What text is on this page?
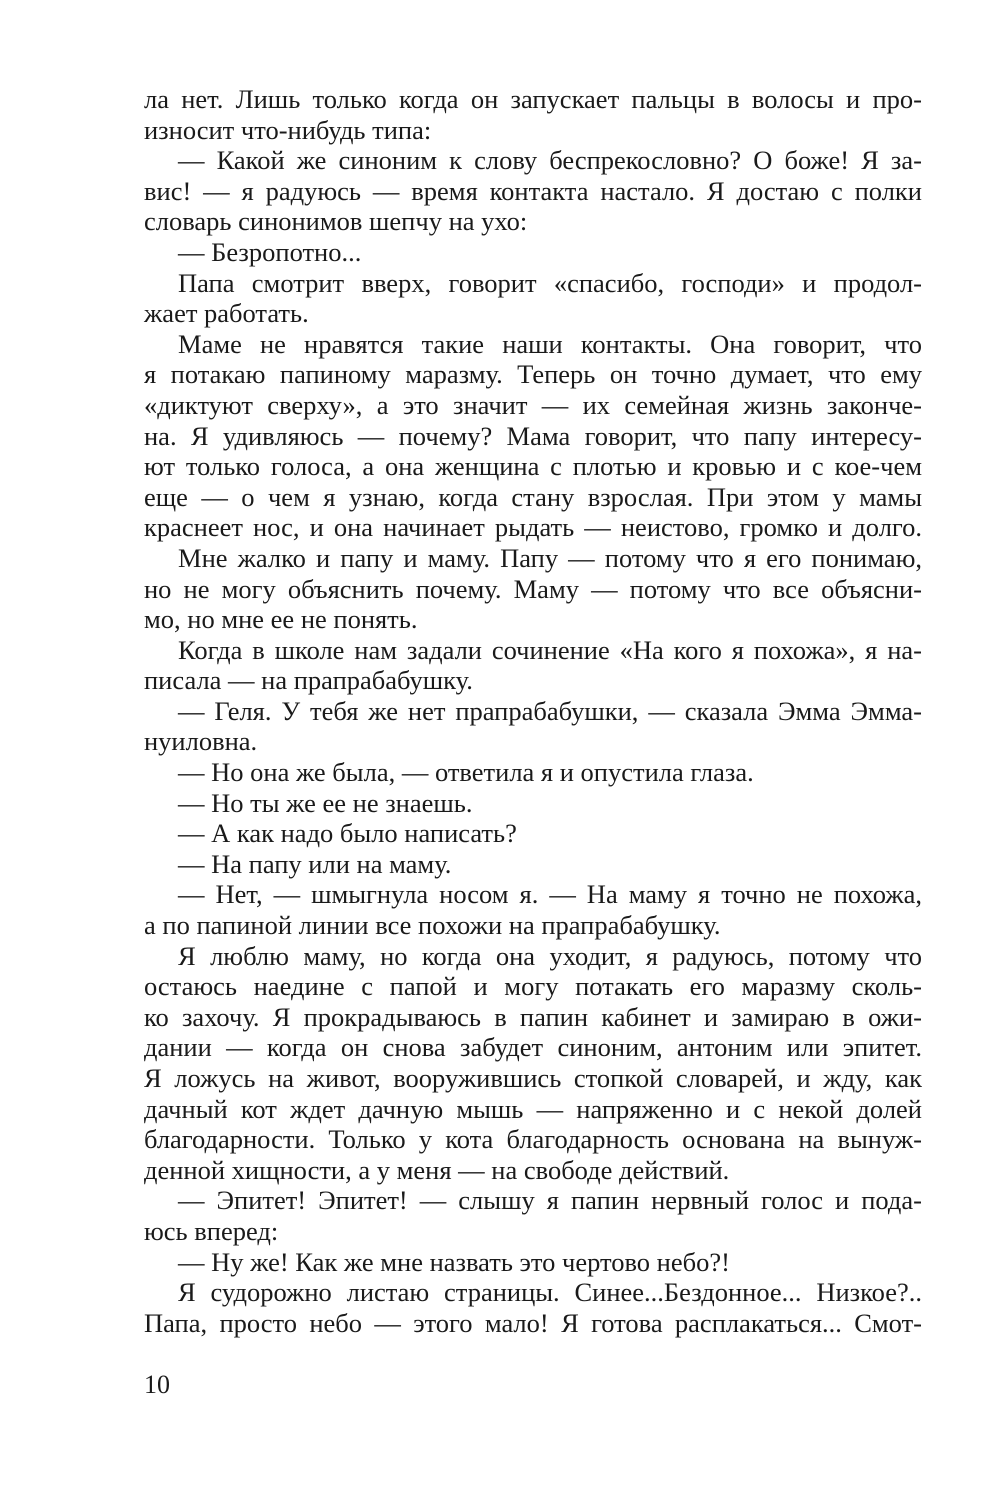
ла нет. Лишь только когда он запускает пальцы в волосы и про-
износит что-нибудь типа:
— Какой же синоним к слову беспрекословно? О боже! Я за-
вис! — я радуюсь — время контакта настало. Я достаю с полки
словарь синонимов шепчу на ухо:
— Безропотно...
Папа смотрит вверх, говорит «спасибо, господи» и продол-
жает работать.
Маме не нравятся такие наши контакты. Она говорит, что
я потакаю папиному маразму. Теперь он точно думает, что ему
«диктуют сверху», а это значит — их семейная жизнь закончe-
на. Я удивляюсь — почему? Мама говорит, что папу интересу-
ют только голоса, а она женщина с плотью и кровью и с кое-чем
еще — о чем я узнаю, когда стану взрослая. При этом у мамы
краснеет нос, и она начинает рыдать — неистово, громко и долго.
Мне жалко и папу и маму. Папу — потому что я его понимаю,
но не могу объяснить почему. Маму — потому что все объясни-
мо, но мне ее не понять.
Когда в школе нам задали сочинение «На кого я похожа», я на-
писала — на прапрабабушку.
— Геля. У тебя же нет прапрабабушки, — сказала Эмма Эмма-
нуиловна.
— Но она же была, — ответила я и опустила глаза.
— Но ты же ее не знаешь.
— А как надо было написать?
— На папу или на маму.
— Нет, — шмыгнула носом я. — На маму я точно не похожа,
а по папиной линии все похожи на прапрабабушку.
Я люблю маму, но когда она уходит, я радуюсь, потому что
остаюсь наедине с папой и могу потакать его маразму сколь-
ко захочу. Я прокрадываюсь в папин кабинет и замираю в ожи-
дании — когда он снова забудет синоним, антоним или эпитет.
Я ложусь на живот, вооружившись стопкой словарей, и жду, как
дачный кот ждет дачную мышь — напряженно и с некой долей
благодарности. Только у кота благодарность основана на вынуж-
денной хищности, а у меня — на свободе действий.
— Эпитет! Эпитет! — слышу я папин нервный голос и пода-
юсь вперед:
— Ну же! Как же мне назвать это чертово небо?!
Я судорожно листаю страницы. Синее...Бездонное... Низкое?..
Папа, просто небо — этого мало! Я готова расплакаться... Смот-
10
